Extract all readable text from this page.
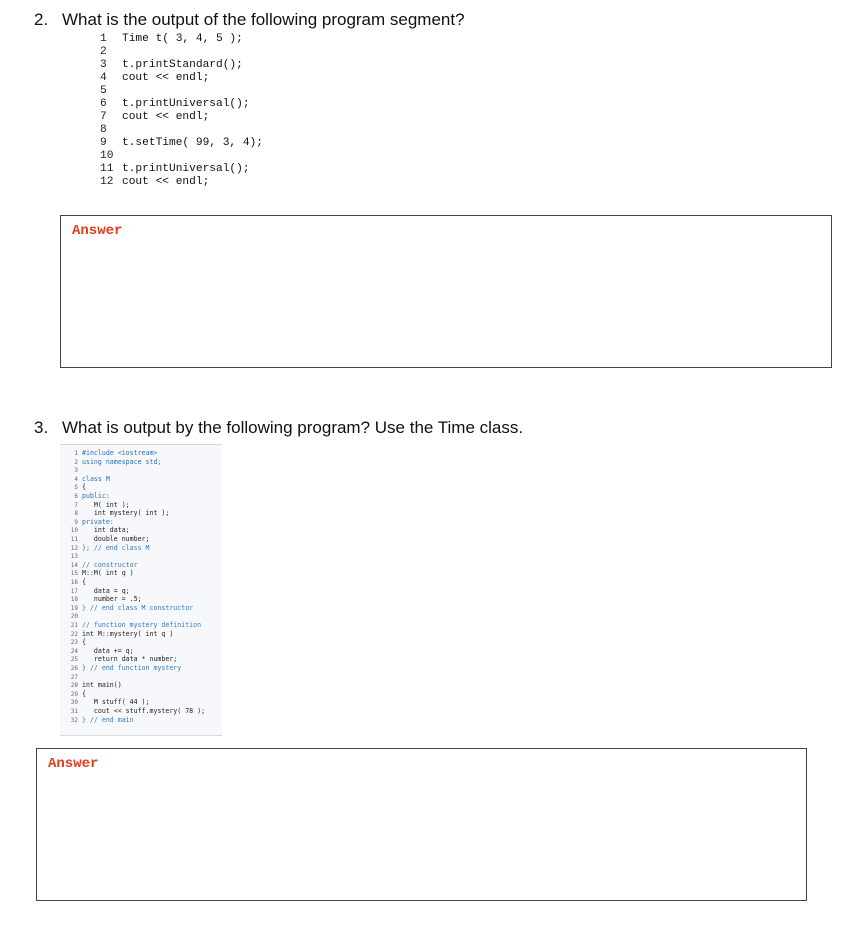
2. What is the output of the following program segment?
1 Time t( 3, 4, 5 );
2
3 t.printStandard();
4 cout << endl;
5
6 t.printUniversal();
7 cout << endl;
8
9 t.setTime( 99, 3, 4);
10
11 t.printUniversal();
12 cout << endl;
Answer
3. What is output by the following program? Use the Time class.
1 #include <iostream>
2 using namespace std;
3
4 class M
5 {
6 public:
7   M( int );
8   int mystery( int );
9 private:
10   int data;
11   double number;
12 }; // end class M
13
14 // constructor
15 M::M( int q )
16 {
17   data = q;
18   number = .5;
19 } // end class M constructor
20
21 // function mystery definition
22 int M::mystery( int q )
23 {
24   data += q;
25   return data * number;
26 } // end function mystery
27
28 int main()
29 {
30   M stuff( 44 );
31   cout << stuff.mystery( 78 );
32 } // end main
Answer
